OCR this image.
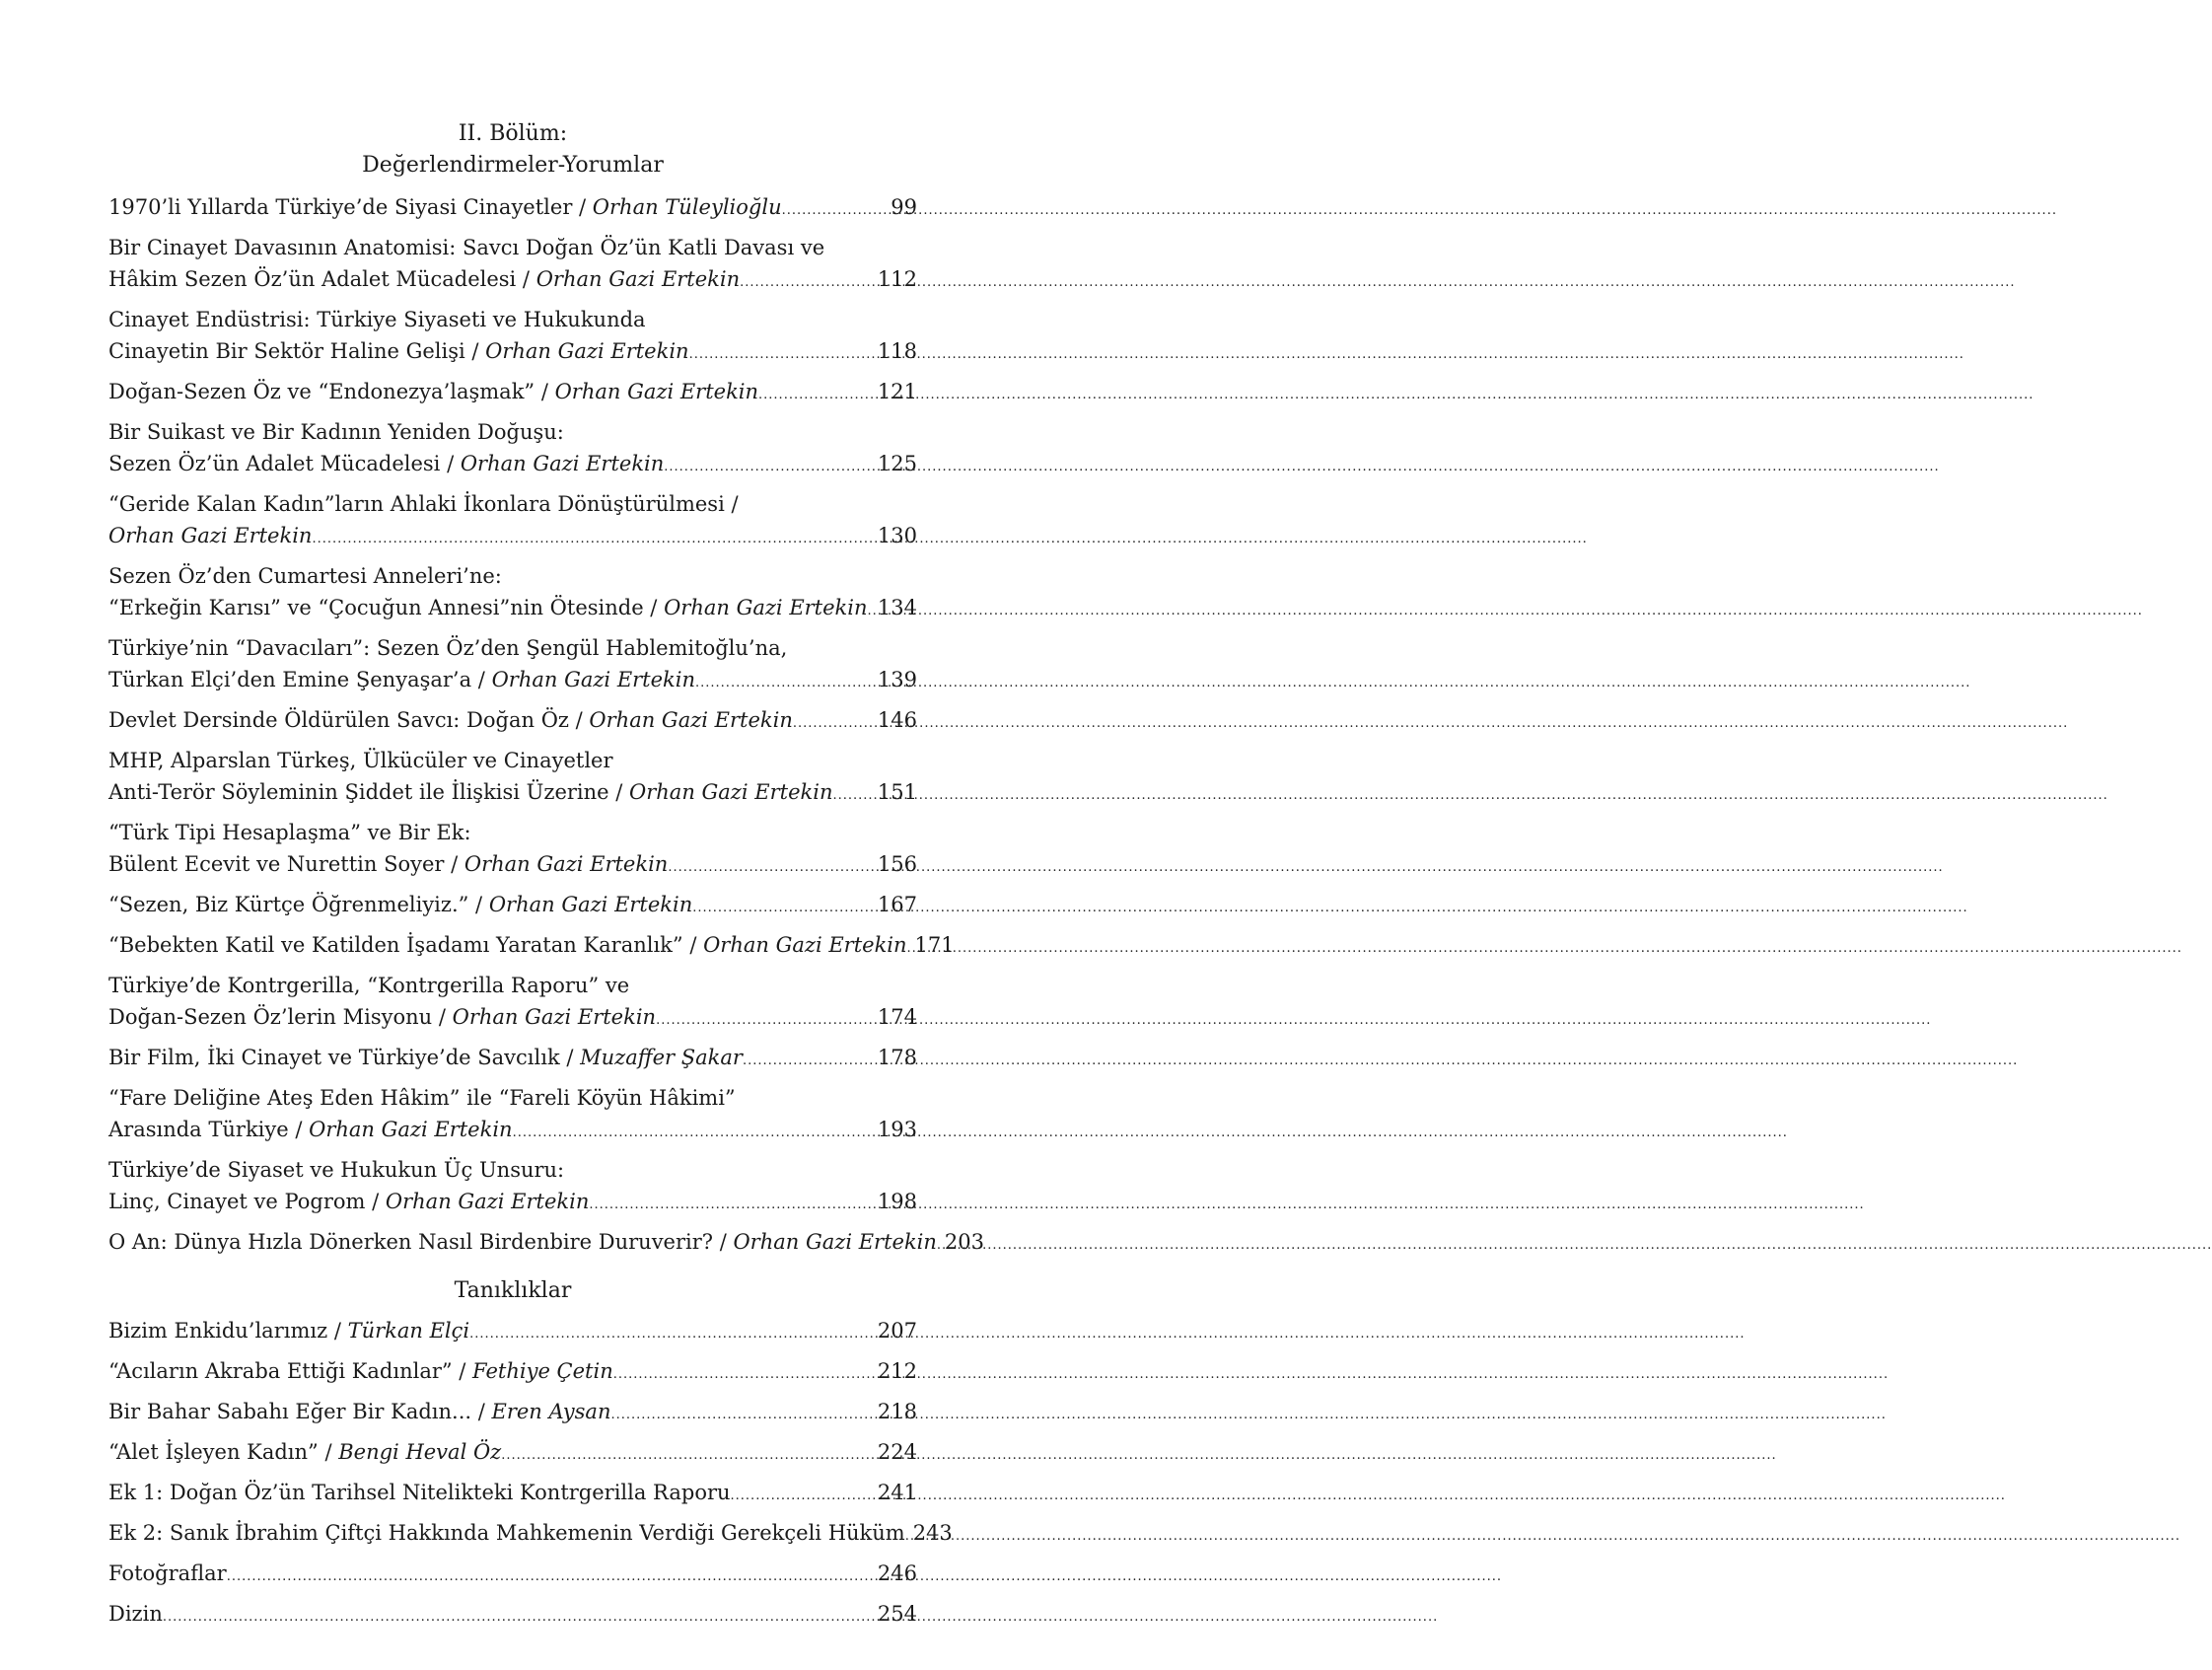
II. Bölüm:
Değerlendirmeler-Yorumlar
1970’li Yıllarda Türkiye’de Siyasi Cinayetler / Orhan Tüleylioğlu .....	99
Bir Cinayet Davasının Anatomisi: Savcı Doğan Öz’ün Katli Davası ve
Hâkim Sezen Öz’ün Adalet Mücadelesi / Orhan Gazi Ertekin .....	112
Cinayet Endüstrisi: Türkiye Siyaseti ve Hukukunda
Cinayetin Bir Sektör Haline Gelişi / Orhan Gazi Ertekin .....	118
Doğan-Sezen Öz ve “Endonezya’laşmak” / Orhan Gazi Ertekin .....	121
Bir Suikast ve Bir Kadının Yeniden Doğuşu:
Sezen Öz’ün Adalet Mücadelesi / Orhan Gazi Ertekin .....	125
“Geride Kalan Kadın”ların Ahlaki İkonlara Dönüştürülmesi /
Orhan Gazi Ertekin .....	130
Sezen Öz’den Cumartesi Anneleri’ne:
“Erkeğin Karısı” ve “Çocuğun Annesi”nin Ötesinde / Orhan Gazi Ertekin ..... 134
Türkiye’nin “Davacıları”: Sezen Öz’den Şengül Hablemitoğlu’na,
Türkan Elçi’den Emine Şenyaşar’a / Orhan Gazi Ertekin .....	139
Devlet Dersinde Öldürülen Savcı: Doğan Öz / Orhan Gazi Ertekin .....	146
MHP, Alparslan Türkeş, Ülkücüler ve Cinayetler
Anti-Terör Söyleminin Şiddet ile İlişkisi Üzerine / Orhan Gazi Ertekin ..... 151
“Türk Tipi Hesaplaşma” ve Bir Ek:
Bülent Ecevit ve Nurettin Soyer / Orhan Gazi Ertekin .....	156
“Sezen, Biz Kürtçe Öğrenmeliyiz.” / Orhan Gazi Ertekin .....	167
“Bebekten Katil ve Katilden İşadamı Yaratan Karanlık” / Orhan Gazi Ertekin ..... 171
Türkiye’de Kontrgerilla, “Kontrgerilla Raporu” ve
Doğan-Sezen Öz’lerin Misyonu / Orhan Gazi Ertekin .....	174
Bir Film, İki Cinayet ve Türkiye’de Savcılık / Muzaffer Şakar .....	178
“Fare Deliğine Ateş Eden Hâkim” ile “Fareli Köyün Hâkimi”
Arasında Türkiye / Orhan Gazi Ertekin .....	193
Türkiye’de Siyaset ve Hukukun Üç Unsuru:
Linç, Cinayet ve Pogrom / Orhan Gazi Ertekin .....	198
O An: Dünya Hızla Dönerken Nasıl Birdenbire Duruverir? / Orhan Gazi Ertekin ..... 203
Tanıklıklar
Bizim Enkidu’larımız / Türkan Elçi .....	207
“Acıların Akraba Ettiği Kadınlar” / Fethiye Çetin .....	212
Bir Bahar Sabahı Eğer Bir Kadın... / Eren Aysan .....	218
“Alet İşleyen Kadın” / Bengi Heval Öz .....	224
Ek 1: Doğan Öz’ün Tarihsel Nitelikteki Kontrgerilla Raporu .....	241
Ek 2: Sanık İbrahim Çiftçi Hakkında Mahkemenin Verdiği Gerekçeli Hüküm ..... 243
Fotoğraflar .....	246
Dizin .....	254
